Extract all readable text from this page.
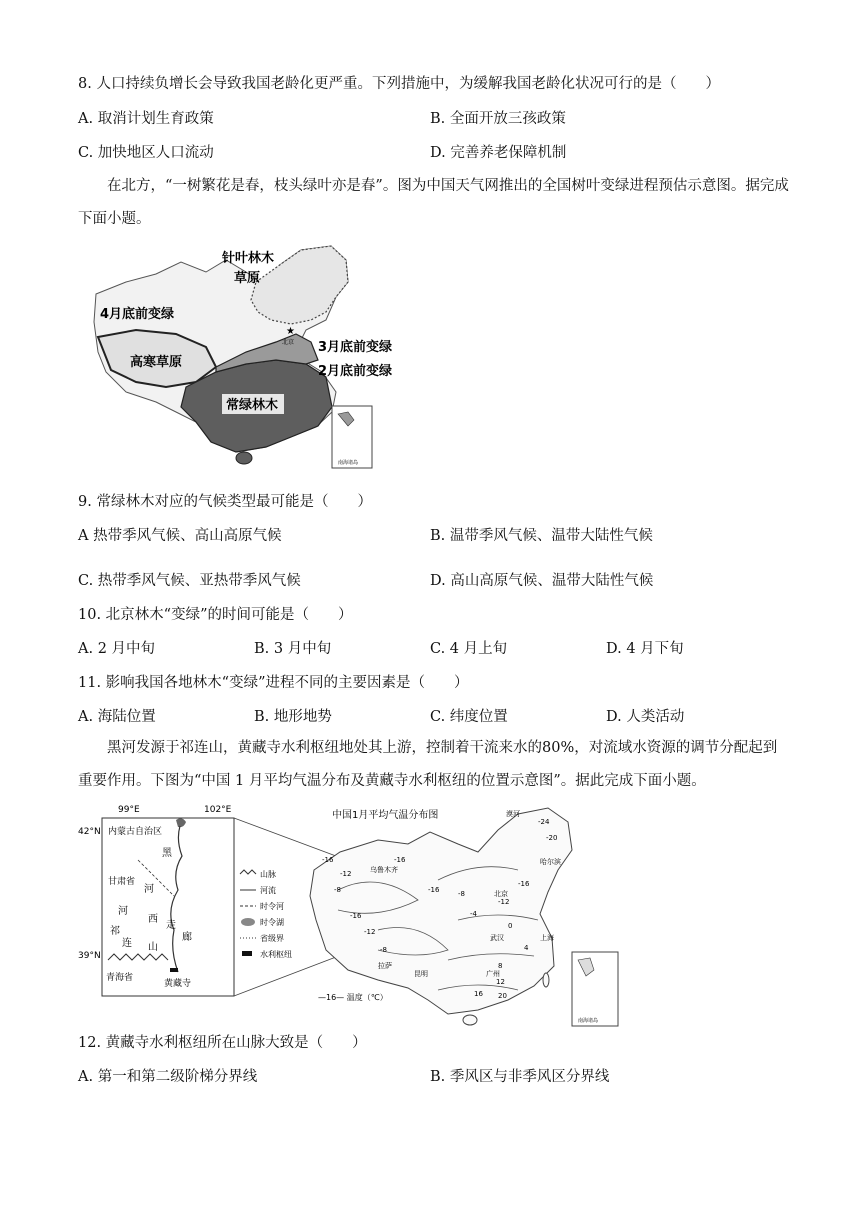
8. 人口持续负增长会导致我国老龄化更严重。下列措施中，为缓解我国老龄化状况可行的是（　　）
A. 取消计划生育政策	B. 全面开放三孩政策
C. 加快地区人口流动	D. 完善养老保障机制
在北方，“一树繁花是春，枝头绿叶亦是春”。图为中国天气网推出的全国树叶变绿进程预估示意图。据完成下面小题。
★
北京
针叶林木
草原
4月底前变绿
高寒草原
3月底前变绿
2月底前变绿
常绿林木
南海诸岛
9. 常绿林木对应的气候类型最可能是（　　）
A 热带季风气候、高山高原气候	B. 温带季风气候、温带大陆性气候
C. 热带季风气候、亚热带季风气候	D. 高山高原气候、温带大陆性气候
10. 北京林木“变绿”的时间可能是（　　）
A. 2 月中旬	B. 3 月中旬	C. 4 月上旬	D. 4 月下旬
11. 影响我国各地林木“变绿”进程不同的主要因素是（　　）
A. 海陆位置	B. 地形地势	C. 纬度位置	D. 人类活动
黑河发源于祁连山，黄藏寺水利枢纽地处其上游，控制着干流来水的80%，对流域水资源的调节分配起到重要作用。下图为“中国 1 月平均气温分布及黄藏寺水利枢纽的位置示意图”。据此完成下面小题。
99°E	102°E
42°N
39°N
内蒙古自治区
黑
河
甘肃省
河
西
走
廊
祁
连 山
青海省
黄藏寺
山脉
河流
时令河
时令湖
省级界
水利枢纽
中国1月平均气温分布图
-16
-20
-24
-16
-12
-8	-16
-16
-12
-8
-4
0
4
8
12
16 20
-16
-12
-8
漠河
哈尔滨
乌鲁木齐
北京
上海
武汉
拉萨
昆明	广州
—16— 温度（℃）
南海诸岛
12. 黄藏寺水利枢纽所在山脉大致是（　　）
A. 第一和第二级阶梯分界线	B. 季风区与非季风区分界线
